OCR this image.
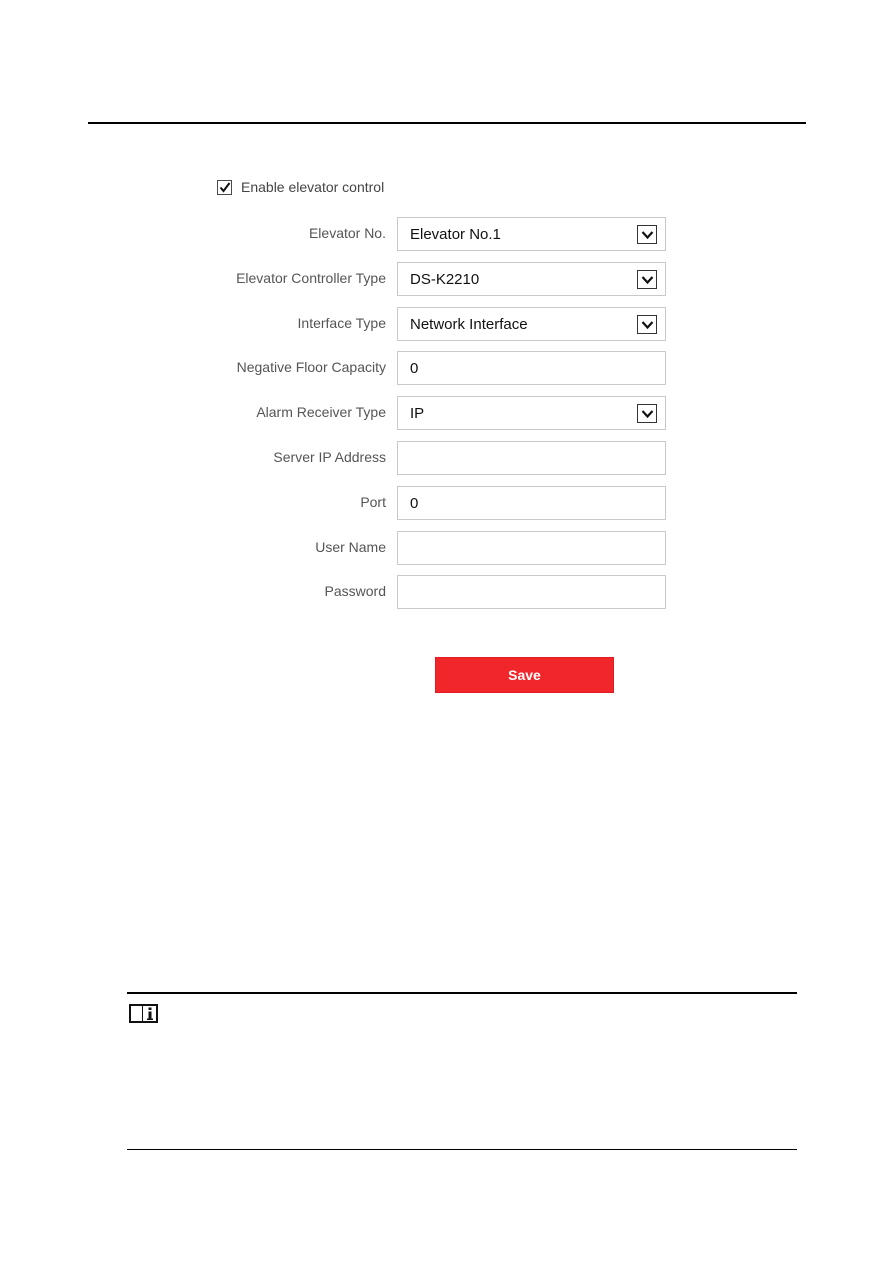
Enable elevator control
Elevator No. Elevator No.1
Elevator Controller Type DS-K2210
Interface Type Network Interface
Negative Floor Capacity
0
Alarm Receiver Type IP
Server IP Address
Port
0
User Name
Password
Save
